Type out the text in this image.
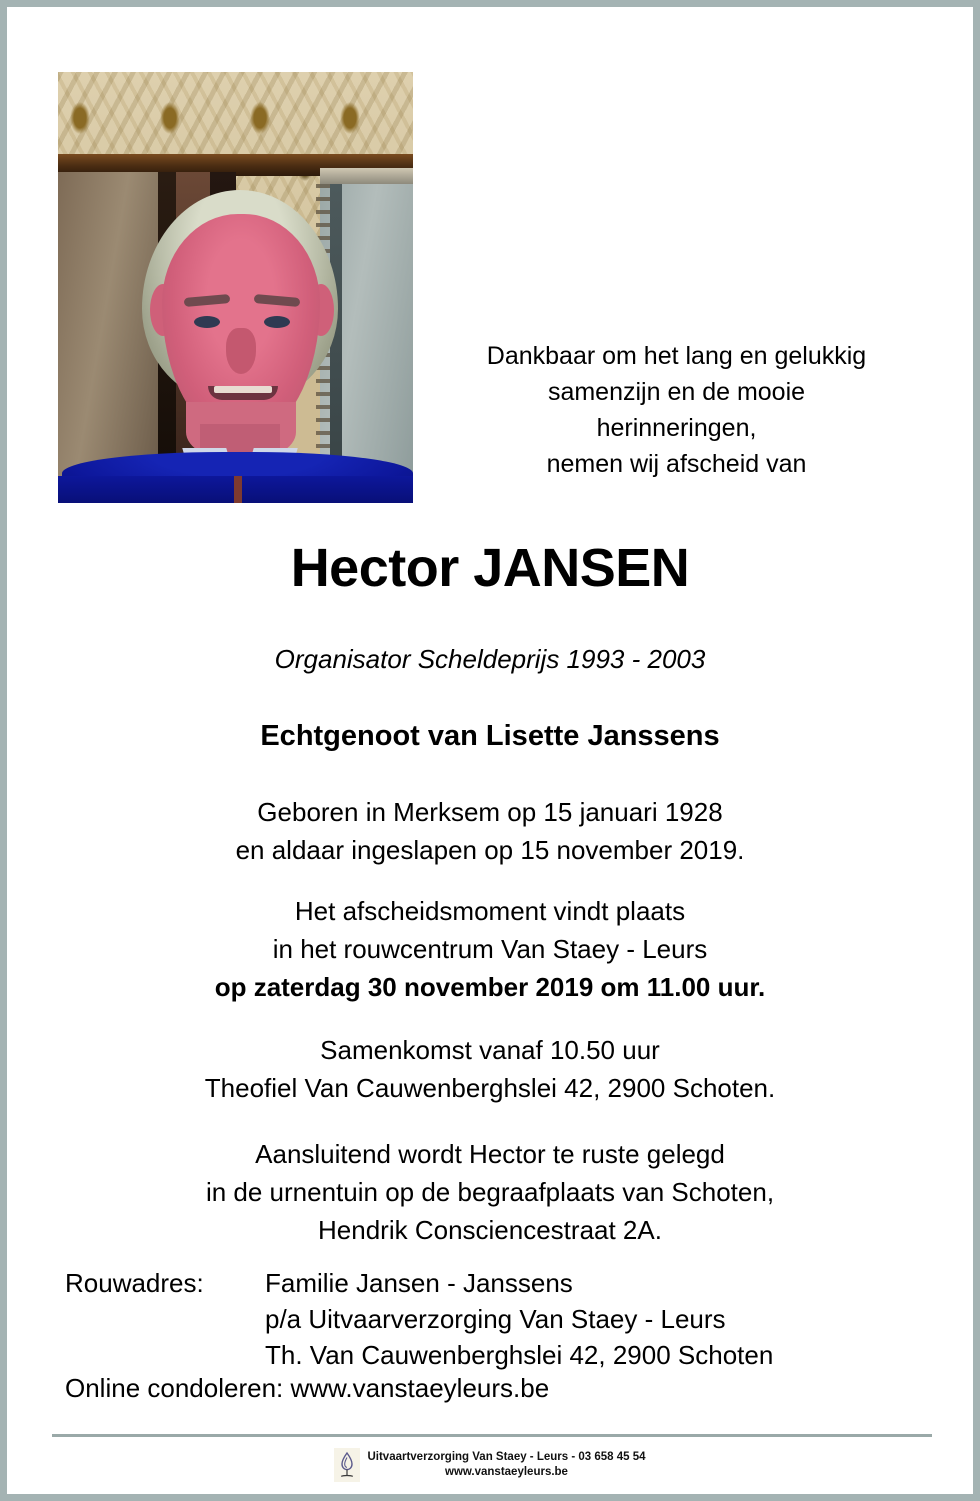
Dankbaar om het lang en gelukkig
samenzijn en de mooie
herinneringen,
nemen wij afscheid van
Hector JANSEN
Organisator Scheldeprijs 1993 - 2003
Echtgenoot van Lisette Janssens
Geboren in Merksem op 15 januari 1928
en aldaar ingeslapen op 15 november 2019.
Het afscheidsmoment vindt plaats
in het rouwcentrum Van Staey - Leurs
op zaterdag 30 november 2019 om 11.00 uur.
Samenkomst vanaf 10.50 uur
Theofiel Van Cauwenberghslei 42, 2900 Schoten.
Aansluitend wordt Hector te ruste gelegd
in de urnentuin op de begraafplaats van Schoten,
Hendrik Consciencestraat 2A.
Rouwadres:	Familie Jansen - Janssens
	p/a Uitvaarverzorging Van Staey - Leurs
	Th. Van Cauwenberghslei 42, 2900 Schoten
Online condoleren: www.vanstaeyleurs.be
Uitvaartverzorging Van Staey - Leurs - 03 658 45 54
www.vanstaeyleurs.be
